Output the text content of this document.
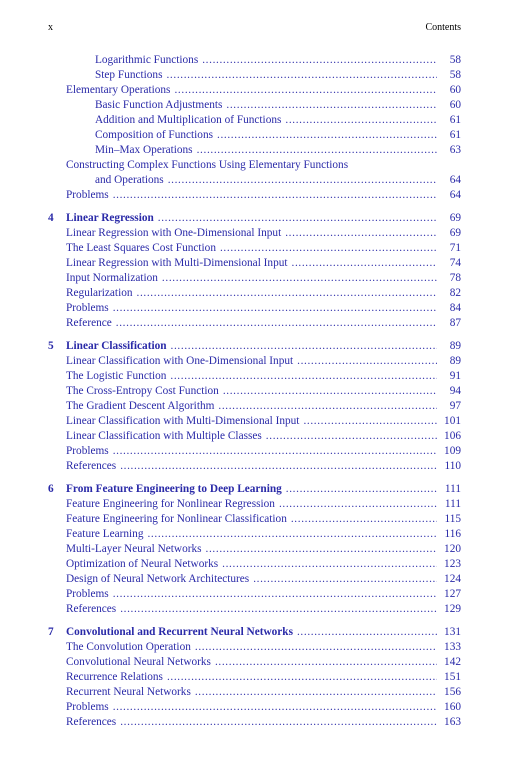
x	Contents
Logarithmic Functions . . .	58
Step Functions . . .	58
Elementary Operations . . .	60
Basic Function Adjustments . . .	60
Addition and Multiplication of Functions . . .	61
Composition of Functions . . .	61
Min–Max Operations . . .	63
Constructing Complex Functions Using Elementary Functions
and Operations . . .	64
Problems . . .	64
4 Linear Regression . . .	69
Linear Regression with One-Dimensional Input . . .	69
The Least Squares Cost Function . . .	71
Linear Regression with Multi-Dimensional Input . . .	74
Input Normalization . . .	78
Regularization . . .	82
Problems . . .	84
Reference . . .	87
5 Linear Classification . . .	89
Linear Classification with One-Dimensional Input . . .	89
The Logistic Function . . .	91
The Cross-Entropy Cost Function . . .	94
The Gradient Descent Algorithm . . .	97
Linear Classification with Multi-Dimensional Input . . .	101
Linear Classification with Multiple Classes . . .	106
Problems . . .	109
References . . .	110
6 From Feature Engineering to Deep Learning . . .	111
Feature Engineering for Nonlinear Regression . . .	111
Feature Engineering for Nonlinear Classification . . .	115
Feature Learning . . .	116
Multi-Layer Neural Networks . . .	120
Optimization of Neural Networks . . .	123
Design of Neural Network Architectures . . .	124
Problems . . .	127
References . . .	129
7 Convolutional and Recurrent Neural Networks . . .	131
The Convolution Operation . . .	133
Convolutional Neural Networks . . .	142
Recurrence Relations . . .	151
Recurrent Neural Networks . . .	156
Problems . . .	160
References . . .	163
